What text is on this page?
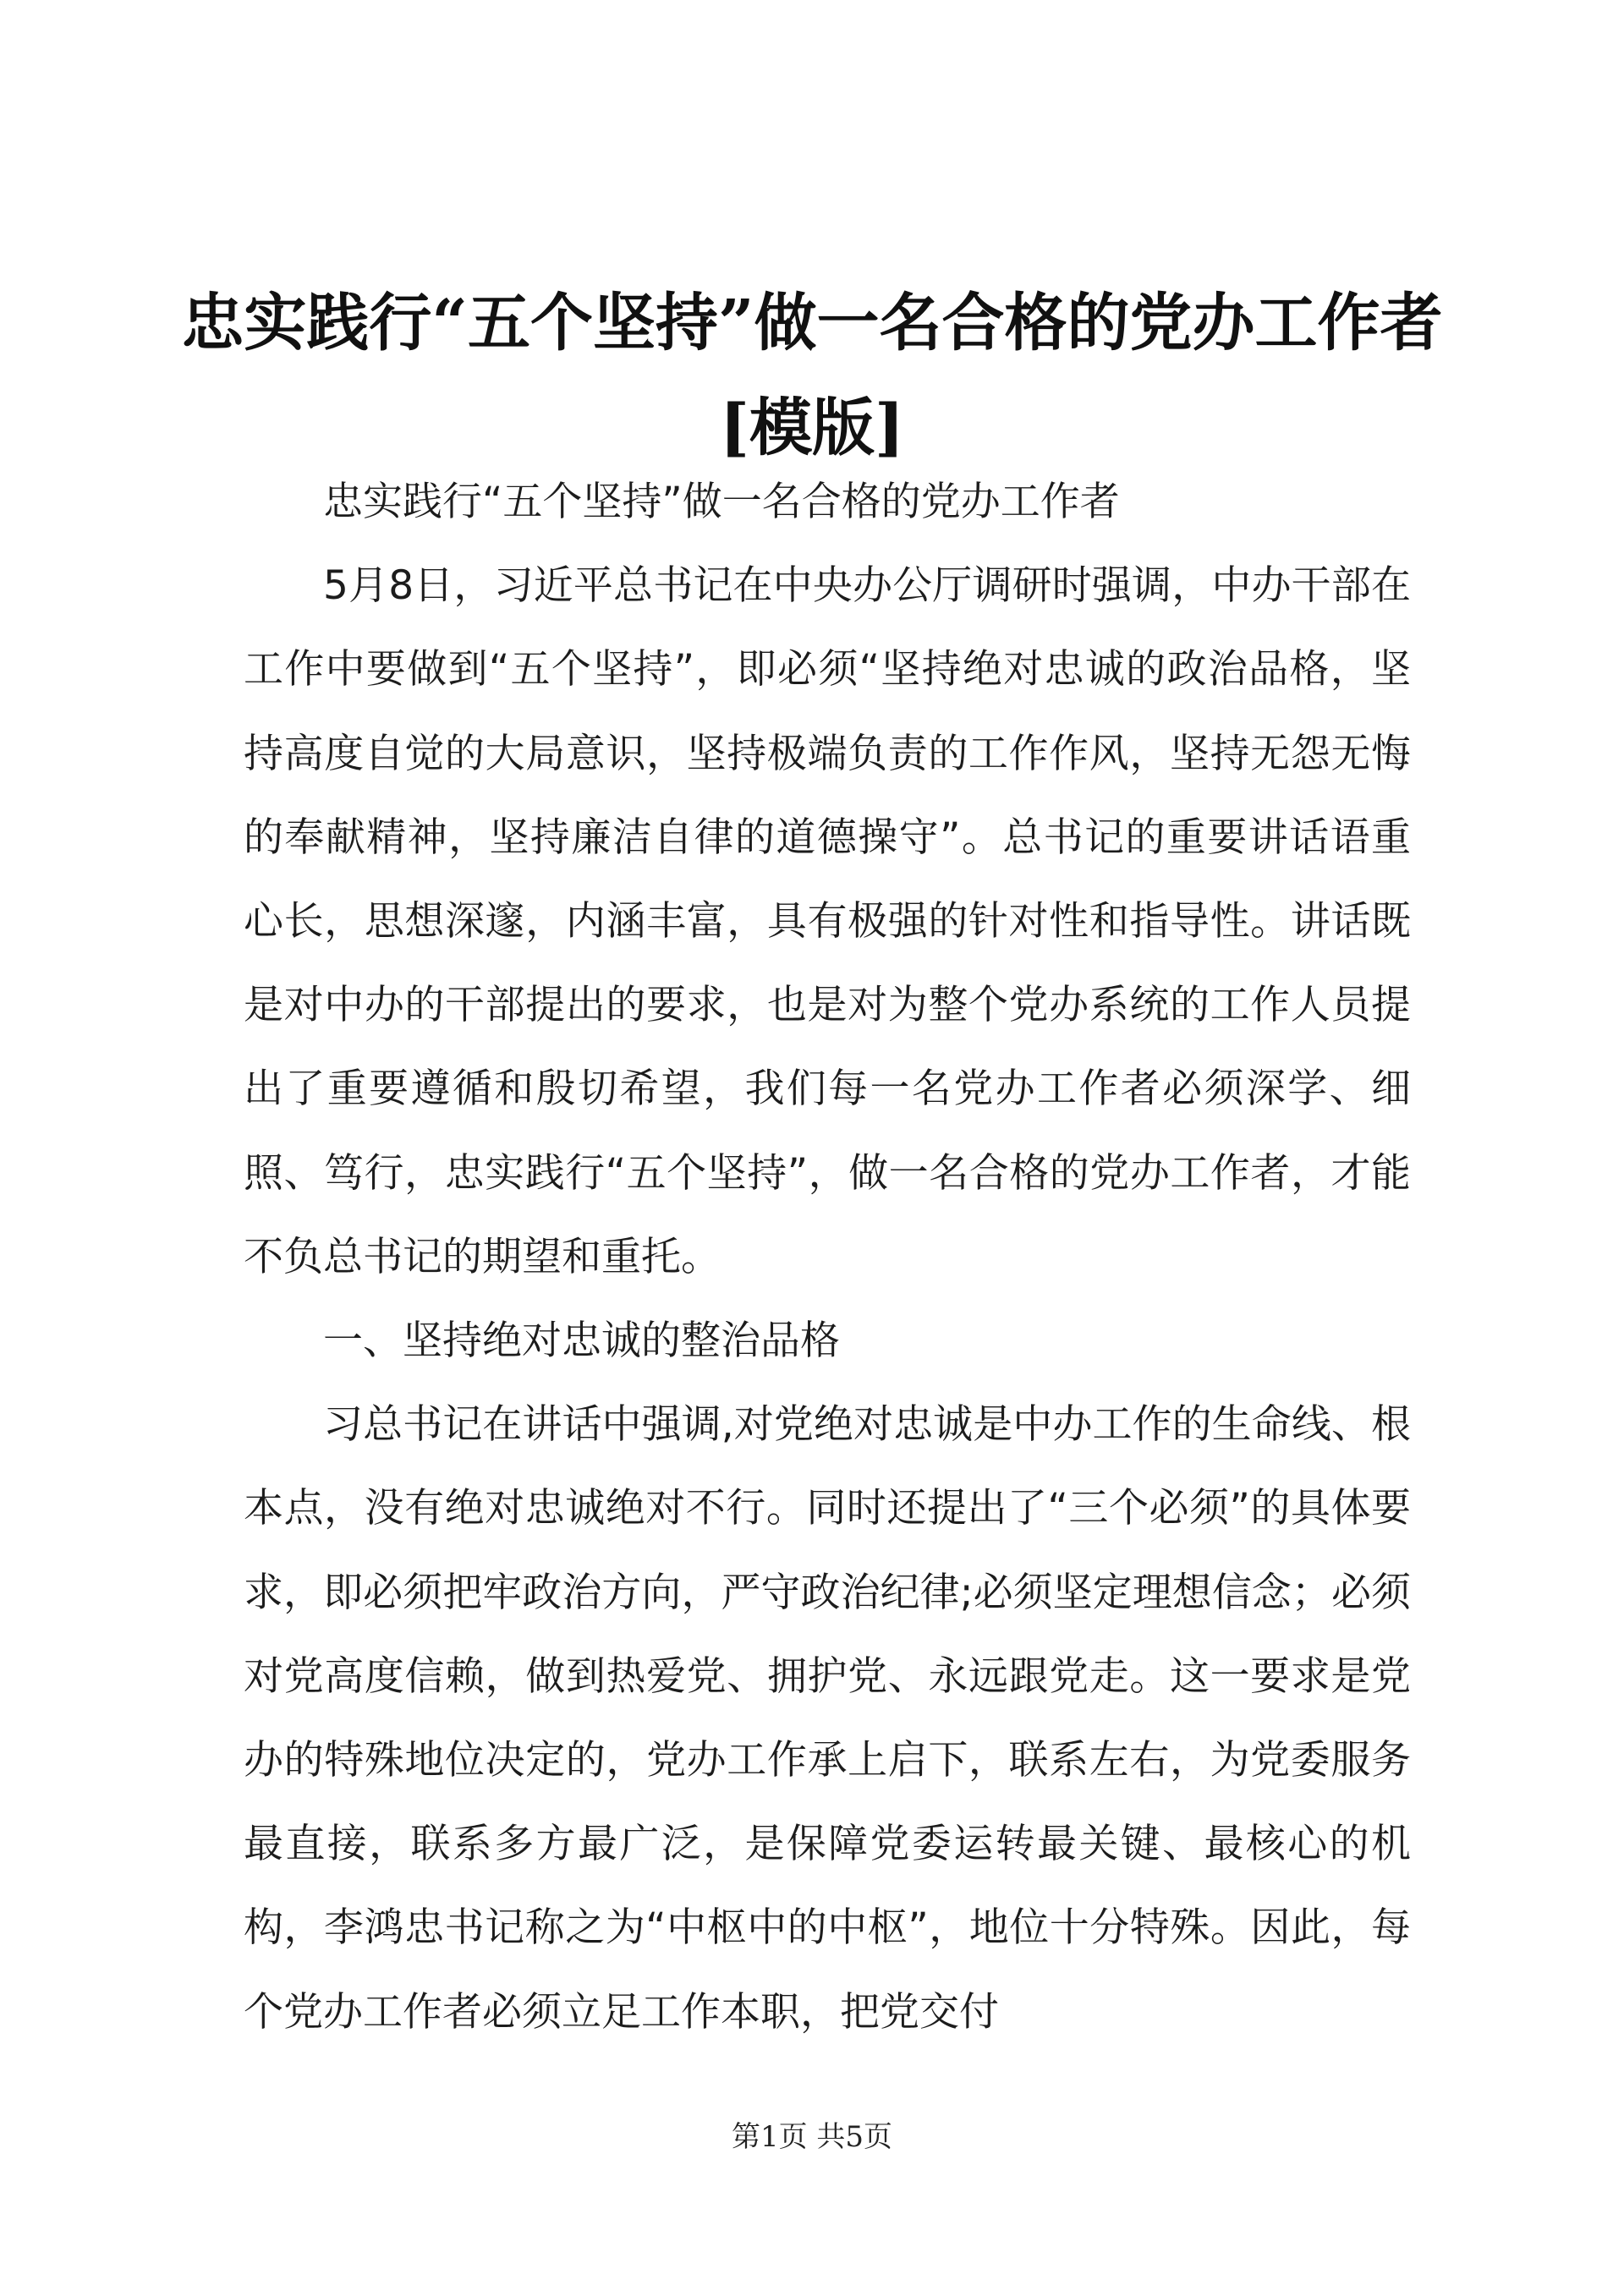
忠实践行“五个坚持”做一名合格的党办工作者[模版]

忠实践行“五个坚持”做一名合格的党办工作者

5月8日，习近平总书记在中央办公厅调研时强调，中办干部在工作中要做到“五个坚持”，即必须“坚持绝对忠诚的政治品格，坚持高度自觉的大局意识，坚持极端负责的工作作风，坚持无怨无悔的奉献精神，坚持廉洁自律的道德操守”。总书记的重要讲话语重心长，思想深邃，内涵丰富，具有极强的针对性和指导性。讲话既是对中办的干部提出的要求，也是对为整个党办系统的工作人员提出了重要遵循和殷切希望，我们每一名党办工作者必须深学、细照、笃行，忠实践行“五个坚持”，做一名合格的党办工作者，才能不负总书记的期望和重托。

一、坚持绝对忠诚的整治品格

习总书记在讲话中强调,对党绝对忠诚是中办工作的生命线、根本点，没有绝对忠诚绝对不行。同时还提出了“三个必须”的具体要求，即必须把牢政治方向，严守政治纪律;必须坚定理想信念；必须对党高度信赖，做到热爱党、拥护党、永远跟党走。这一要求是党办的特殊地位决定的，党办工作承上启下，联系左右，为党委服务最直接，联系多方最广泛，是保障党委运转最关键、最核心的机构，李鸿忠书记称之为“中枢中的中枢”，地位十分特殊。因此，每个党办工作者必须立足工作本职，把党交付

第1页 共5页
